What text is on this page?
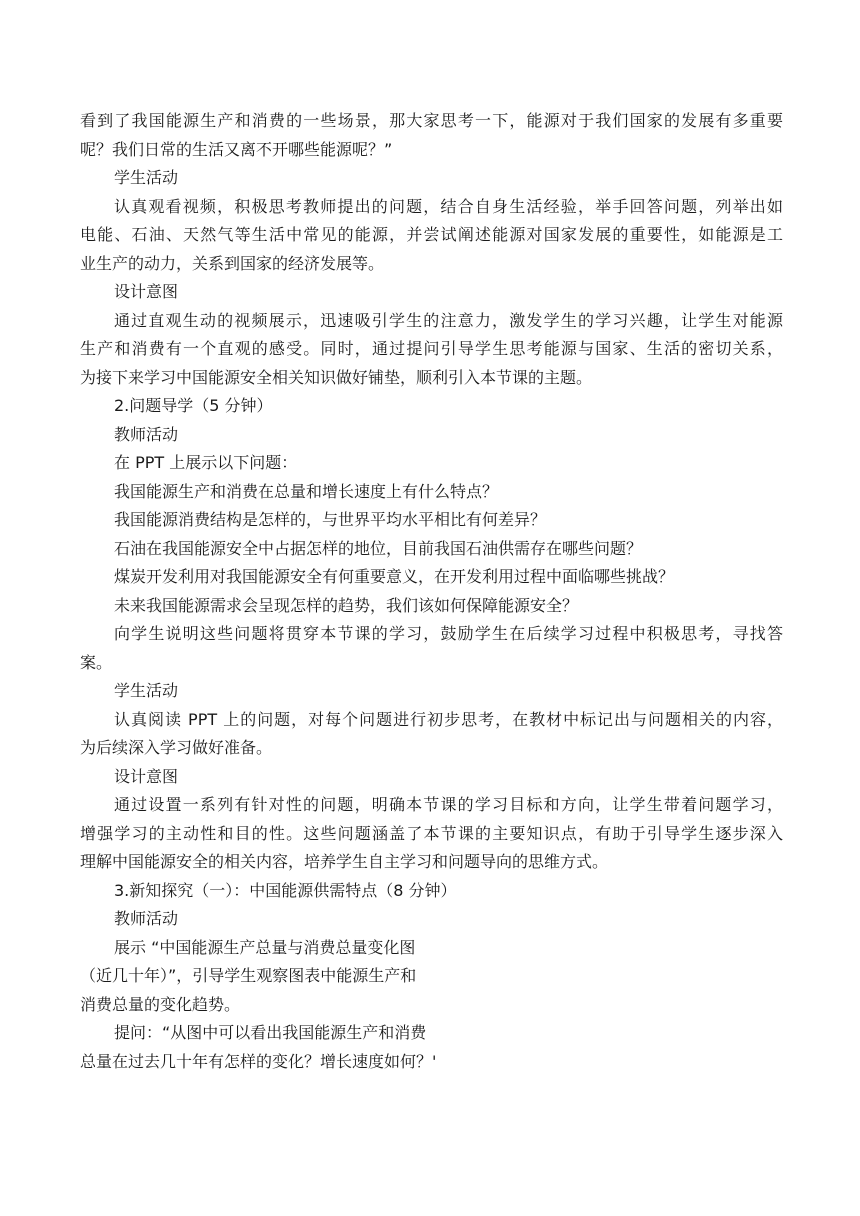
看到了我国能源生产和消费的一些场景，那大家思考一下，能源对于我们国家的发展有多重要
呢？我们日常的生活又离不开哪些能源呢？”
学生活动
认真观看视频，积极思考教师提出的问题，结合自身生活经验，举手回答问题，列举出如
电能、石油、天然气等生活中常见的能源，并尝试阐述能源对国家发展的重要性，如能源是工
业生产的动力，关系到国家的经济发展等。
设计意图
通过直观生动的视频展示，迅速吸引学生的注意力，激发学生的学习兴趣，让学生对能源
生产和消费有一个直观的感受。同时，通过提问引导学生思考能源与国家、生活的密切关系，
为接下来学习中国能源安全相关知识做好铺垫，顺利引入本节课的主题。
2.问题导学（5 分钟）
教师活动
在 PPT 上展示以下问题：
我国能源生产和消费在总量和增长速度上有什么特点？
我国能源消费结构是怎样的，与世界平均水平相比有何差异？
石油在我国能源安全中占据怎样的地位，目前我国石油供需存在哪些问题？
煤炭开发利用对我国能源安全有何重要意义，在开发利用过程中面临哪些挑战？
未来我国能源需求会呈现怎样的趋势，我们该如何保障能源安全？
向学生说明这些问题将贯穿本节课的学习，鼓励学生在后续学习过程中积极思考，寻找答
案。
学生活动
认真阅读 PPT 上的问题，对每个问题进行初步思考，在教材中标记出与问题相关的内容，
为后续深入学习做好准备。
设计意图
通过设置一系列有针对性的问题，明确本节课的学习目标和方向，让学生带着问题学习，
增强学习的主动性和目的性。这些问题涵盖了本节课的主要知识点，有助于引导学生逐步深入
理解中国能源安全的相关内容，培养学生自主学习和问题导向的思维方式。
3.新知探究（一）：中国能源供需特点（8 分钟）
教师活动
展示 “中国能源生产总量与消费总量变化图
（近几十年）”，引导学生观察图表中能源生产和
消费总量的变化趋势。
提问：“从图中可以看出我国能源生产和消费
总量在过去几十年有怎样的变化？增长速度如何？'
